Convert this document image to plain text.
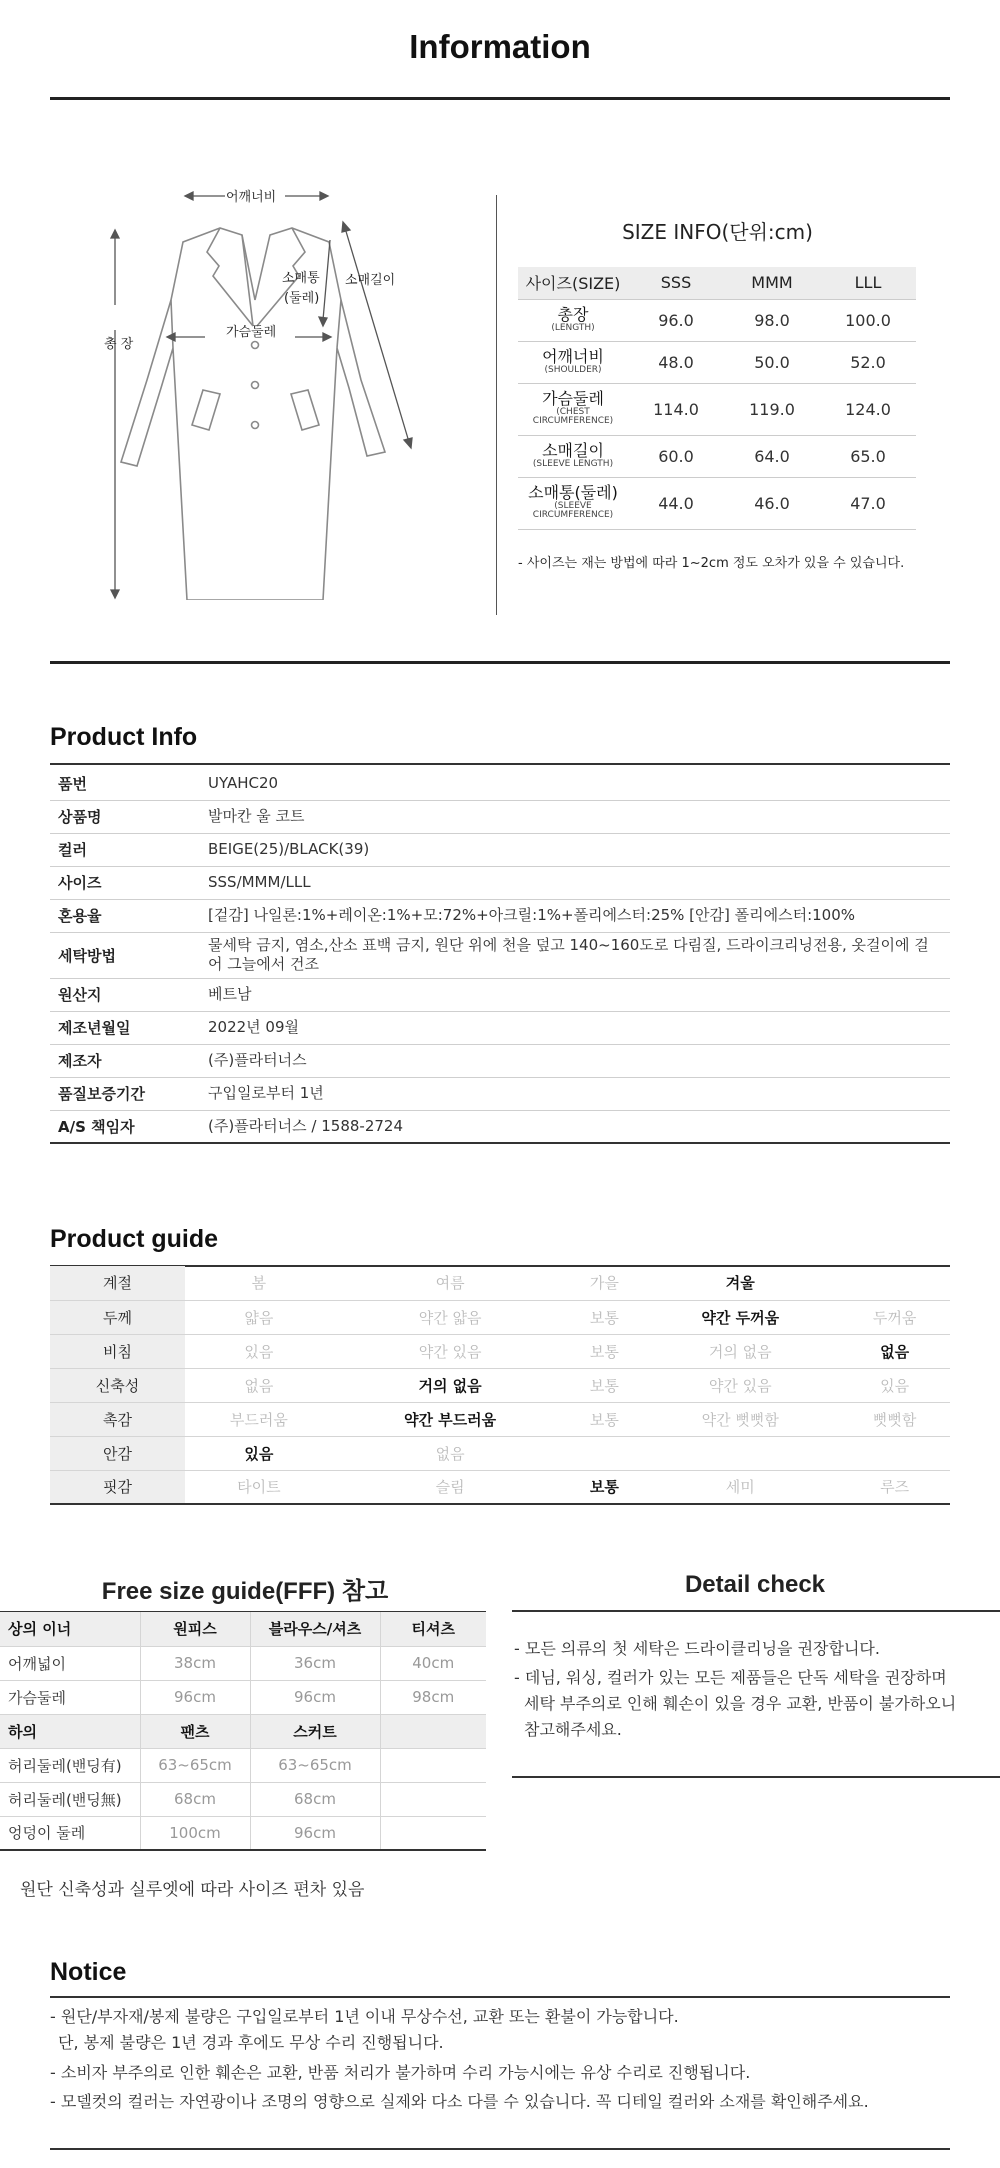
Information
어깨너비
소매통
(둘레)
소매길이
가슴둘레
총 장
SIZE INFO(단위:cm)
사이즈(SIZE)	SSS	MMM	LLL

총장
(LENGTH)	96.0	98.0	100.0

어깨너비
(SHOULDER)	48.0	50.0	52.0

가슴둘레
(CHEST CIRCUMFERENCE)	114.0	119.0	124.0

소매길이
(SLEEVE LENGTH)	60.0	64.0	65.0

소매통(둘레)
(SLEEVE CIRCUMFERENCE)	44.0	46.0	47.0
- 사이즈는 재는 방법에 따라 1~2cm 정도 오차가 있을 수 있습니다.
Product Info
품번	UYAHC20
상품명	발마칸 울 코트
컬러	BEIGE(25)/BLACK(39)
사이즈	SSS/MMM/LLL
혼용율	[겉감] 나일론:1%+레이온:1%+모:72%+아크릴:1%+폴리에스터:25% [안감] 폴리에스터:100%
세탁방법	물세탁 금지, 염소,산소 표백 금지, 원단 위에 천을 덮고 140~160도로 다림질, 드라이크리닝전용, 옷걸이에 걸어 그늘에서 건조
원산지	베트남
제조년월일	2022년 09월
제조자	(주)플라터너스
품질보증기간	구입일로부터 1년
A/S 책임자	(주)플라터너스 / 1588-2724
Product guide
계절	봄	여름	가을	겨울	
두께	얇음	약간 얇음	보통	약간 두꺼움	두꺼움
비침	있음	약간 있음	보통	거의 없음	없음
신축성	없음	거의 없음	보통	약간 있음	있음
촉감	부드러움	약간 부드러움	보통	약간 뻣뻣함	뻣뻣함
안감	있음	없음			
핏감	타이트	슬림	보통	세미	루즈
Free size guide(FFF) 참고
상의 이너	원피스	블라우스/셔츠	티셔츠
어깨넓이	38cm	36cm	40cm
가슴둘레	96cm	96cm	98cm
하의	팬츠	스커트	
허리둘레(밴딩有)	63~65cm	63~65cm	
허리둘레(밴딩無)	68cm	68cm	
엉덩이 둘레	100cm	96cm	
원단 신축성과 실루엣에 따라 사이즈 편차 있음
Detail check

- 모든 의류의 첫 세탁은 드라이클리닝을 권장합니다.

- 데님, 워싱, 컬러가 있는 모든 제품들은 단독 세탁을 권장하며

세탁 부주의로 인해 훼손이 있을 경우 교환, 반품이 불가하오니

참고해주세요.

Notice

- 원단/부자재/봉제 불량은 구입일로부터 1년 이내 무상수선, 교환 또는 환불이 가능합니다.

단, 봉제 불량은 1년 경과 후에도 무상 수리 진행됩니다.

- 소비자 부주의로 인한 훼손은 교환, 반품 처리가 불가하며 수리 가능시에는 유상 수리로 진행됩니다.

- 모델컷의 컬러는 자연광이나 조명의 영향으로 실제와 다소 다를 수 있습니다. 꼭 디테일 컬러와 소재를 확인해주세요.
